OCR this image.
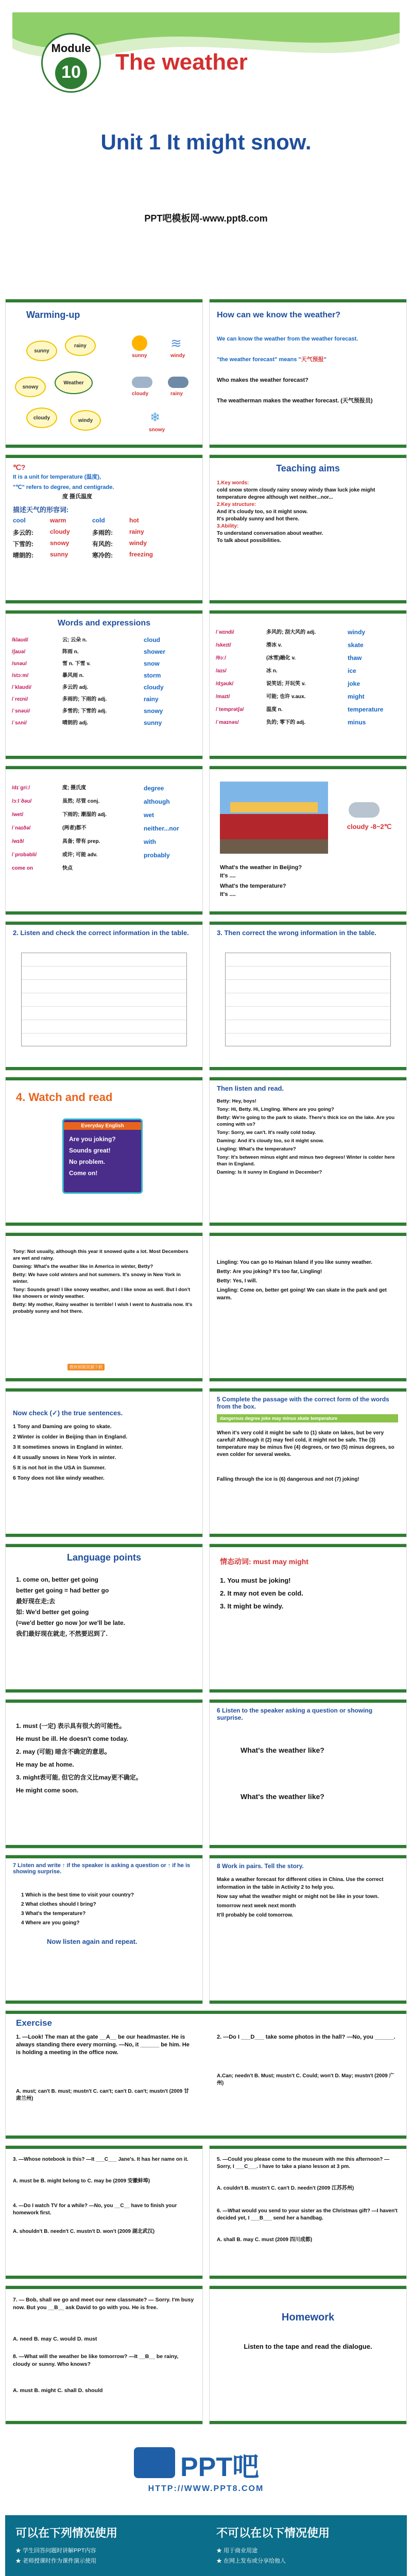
Module
10 The weather
Unit 1 It might snow.
PPT吧模板网-www.ppt8.com
Warming-up
Weather
sunny
rainy
snowy
cloudy	windy
sunny
≋
windy
cloudy	rainy
❄
snowy
How can we know the weather?
We can know the weather from the weather forecast.
"the weather forecast" means "天气预报"
Who makes the weather forecast?
The weatherman makes the weather forecast. (天气预报员)
℃?
It is a unit for temperature (温度),
"℃" refers to degree, and centigrade.
度 摄氏温度
描述天气的形容词:
cool	warm	cold	hot
多云的:	cloudy	多雨的:	rainy
下雪的:	snowy	有风的:	windy
晴朗的:	sunny	寒冷的:	freezing
Teaching aims
1.Key words:
cold snow storm cloudy rainy snowy windy thaw luck joke might temperature degree although wet neither...nor...
2.Key structure:
And it's cloudy too, so it might snow.
It's probably sunny and hot there.
3.Ability:
To understand conversation about weather.
To talk about possibilities.
Words and expressions
/klaʊd/	云; 云朵 n.	cloud
/ʃaʊə/	阵雨 n.	shower
/snəʊ/	雪 n. 下雪 v.	snow
/stɔːm/	暴风雨 n.	storm
/ˈklaʊdi/	多云的 adj.	cloudy
/ˈreɪni/	多雨的; 下雨的 adj.	rainy
/ˈsnəʊi/	多雪的; 下雪的 adj.	snowy
/ˈsʌni/	晴朗的 adj.	sunny
/ˈwɪndi/	多风的; 刮大风的 adj.	windy
/skeɪt/	滑冰 v.	skate
/θɔː/	(冰雪)融化 v.	thaw
/aɪs/	冰 n.	ice
/dʒəʊk/	说笑话; 开玩笑 v.	joke
/maɪt/	可能; 也许 v.aux.	might
/ˈtemprətʃə/	温度 n.	temperature
/ˈmaɪnəs/	负的; 零下的 adj.	minus
/dɪˈɡriː/	度; 摄氏度	degree
/ɔːlˈðəʊ/	虽然; 尽管 conj.	although
/wet/	下雨的; 潮湿的 adj.	wet
/ˈnaɪðə/	(两者)都不	neither...nor
/wɪð/	具备; 带有 prep.	with
/ˈprɒbəbli/	或许; 可能 adv.	probably
come on	快点
cloudy -8~2℃
What's the weather in Beijing?
It's ....
What's the temperature?
It's ....
2. Listen and check the correct information in the table.	3. Then correct the wrong information in the table.
4. Watch and read
Everyday English
Are you joking?
Sounds great!
No problem.
Come on!
Then listen and read.
Betty: Hey, boys!
Tony: Hi, Betty. Hi, Lingling. Where are you going?
Betty: We're going to the park to skate. There's thick ice on the lake. Are you coming with us?
Tony: Sorry, we can't. It's really cold today.
Daming: And it's cloudy too, so it might snow.
Lingling: What's the temperature?
Tony: It's between minus eight and minus two degrees! Winter is colder here than in England.
Daming: Is it sunny in England in December?
Tony: Not usually, although this year it snowed quite a lot. Most Decembers are wet and rainy.
Daming: What's the weather like in America in winter, Betty?
Betty: We have cold winters and hot summers. It's snowy in New York in winter.
Tony: Sounds great! I like snowy weather, and I like snow as well. But I don't like showers or windy weather.
Betty: My mother, Rainy weather is terrible! I wish I went to Australia now. It's probably sunny and hot there.
教材原版资源下载
Lingling: You can go to Hainan Island if you like sunny weather.
Betty: Are you joking? It's too far, Lingling!
Betty: Yes, I will.
Lingling: Come on, better get going! We can skate in the park and get warm.
Now check (✓) the true sentences.
1 Tony and Daming are going to skate.
2 Winter is colder in Beijing than in England.
3 It sometimes snows in England in winter.
4 It usually snows in New York in winter.
5 It is not hot in the USA in Summer.
6 Tony does not like windy weather.
5 Complete the passage with the correct form of the words from the box.
dangerous degree joke may minus skate temperature
When it's very cold it might be safe to (1) skate on lakes, but be very careful! Although it (2) may feel cold, it might not be safe. The (3) temperature may be minus five (4) degrees, or two (5) minus degrees, so even colder for several weeks.
Falling through the ice is (6) dangerous and not (7) joking!
Language points
1. come on, better get going
better get going = had better go
最好现在走;去
如: We'd better get going
(=we'd better go now )or we'll be late.
我们最好现在就走, 不然要迟到了.
情态动词: must may might
1. You must be joking!
2. It may not even be cold.
3. It might be windy.
1. must (一定) 表示具有很大的可能性。
He must be ill. He doesn't come today.
2. may (可能) 暗含不确定的意思。
He may be at home.
3. might表可能, 但它的含义比may更不确定。
He might come soon.
6 Listen to the speaker asking a question or showing surprise.
What's the weather like?
What's the weather like?
7 Listen and write ↑ if the speaker is asking a question or ↑ if he is showing surprise.
1 Which is the best time to visit your country?
2 What clothes should I bring?
3 What's the temperature?
4 Where are you going?
Now listen again and repeat.
8 Work in pairs. Tell the story.
Make a weather forecast for different cities in China. Use the correct information in the table in Activity 2 to help you.
Now say what the weather might or might not be like in your town.
tomorrow next week next month
It'll probably be cold tomorrow.
Exercise
1. —Look! The man at the gate __A__ be our headmaster. He is always standing there every morning. —No, it ______ be him. He is holding a meeting in the office now.
A. must; can't B. must; mustn't C. can't; can't D. can't; mustn't (2009 甘肃兰州)
2. —Do I ___D___ take some photos in the hall? —No, you ______.
A.Can; needn't B. Must; mustn't C. Could; won't D. May; mustn't (2009 广州)
3. —Whose notebook is this? —It ___C___ Jane's. It has her name on it.
A. must be B. might belong to C. may be (2009 安徽蚌埠)
4. —Do I watch TV for a while? —No, you __C__ have to finish your homework first.
A. shouldn't B. needn't C. mustn't D. won't (2009 湖北武汉)
5. —Could you please come to the museum with me this afternoon? —Sorry, I ___C___. I have to take a piano lesson at 3 pm.
A. couldn't B. mustn't C. can't D. needn't (2009 江苏苏州)
6. —What would you send to your sister as the Christmas gift? —I haven't decided yet, I ___B___ send her a handbag.
A. shall B. may C. must (2009 四川成都)
7. — Bob, shall we go and meet our new classmate? — Sorry. I'm busy now. But you __B__ ask David to go with you. He is free.
A. need B. may C. would D. must
8. —What will the weather be like tomorrow? —It __B__ be rainy, cloudy or sunny. Who knows?
A. must B. might C. shall D. should
Homework
Listen to the tape and read the dialogue.
PPT吧
HTTP://WWW.PPT8.COM
可以在下列情况使用
★ 学生回答问题时讲解PPT内容
★ 老师授课时作为课件演示使用
不可以在以下情况使用
★ 用于商业用途
★ 在网上发布或分享给他人
